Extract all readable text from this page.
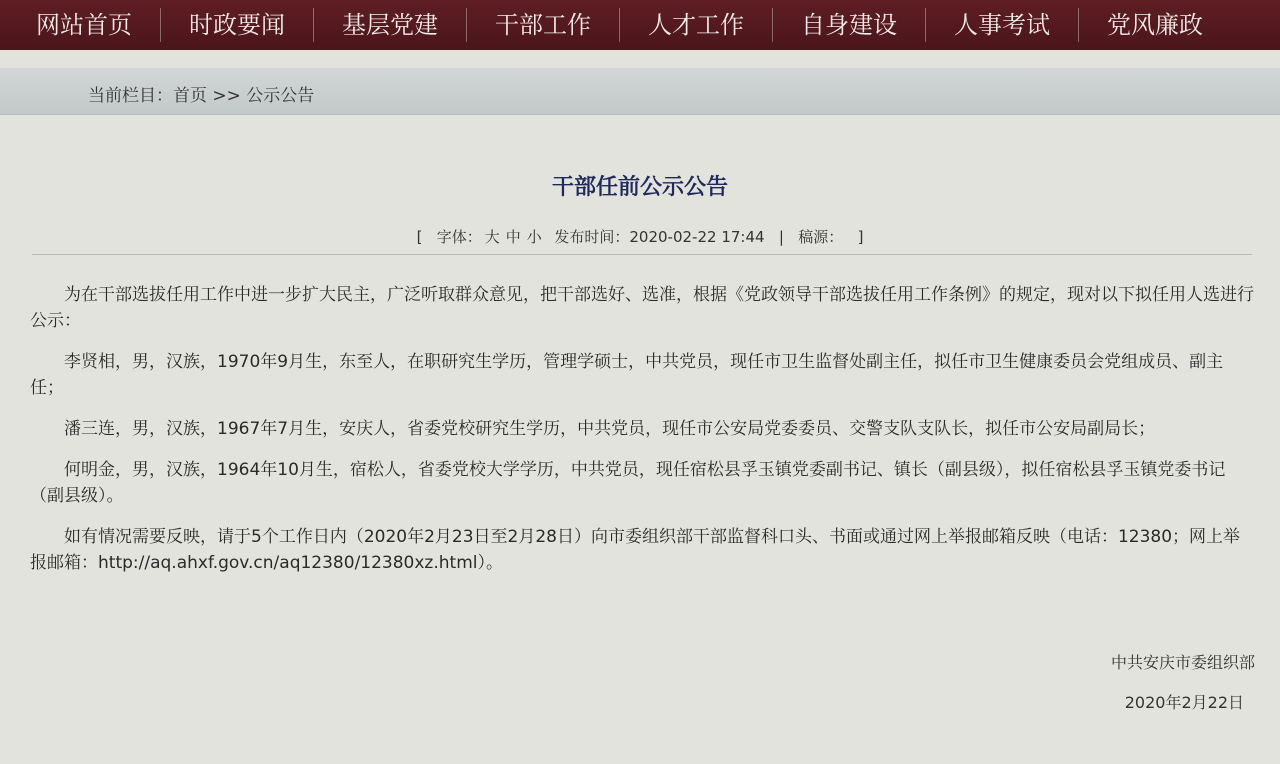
网站首页	时政要闻	基层党建	干部工作	人才工作	自身建设	人事考试	党风廉政
当前栏目：首页 >> 公示公告
干部任前公示公告
[ 字体： 大 中 小 发布时间：2020-02-22 17:44 | 稿源： ]

为在干部选拔任用工作中进一步扩大民主，广泛听取群众意见，把干部选好、选准，根据《党政领导干部选拔任用工作条例》的规定，现对以下拟任用人选进行公示：

李贤相，男，汉族，1970年9月生，东至人，在职研究生学历，管理学硕士，中共党员，现任市卫生监督处副主任，拟任市卫生健康委员会党组成员、副主任；

潘三连，男，汉族，1967年7月生，安庆人，省委党校研究生学历，中共党员，现任市公安局党委委员、交警支队支队长，拟任市公安局副局长；

何明金，男，汉族，1964年10月生，宿松人，省委党校大学学历，中共党员，现任宿松县孚玉镇党委副书记、镇长（副县级），拟任宿松县孚玉镇党委书记（副县级）。

如有情况需要反映，请于5个工作日内（2020年2月23日至2月28日）向市委组织部干部监督科口头、书面或通过网上举报邮箱反映（电话：12380；网上举报邮箱：http://aq.ahxf.gov.cn/aq12380/12380xz.html）。

中共安庆市委组织部
2020年2月22日
